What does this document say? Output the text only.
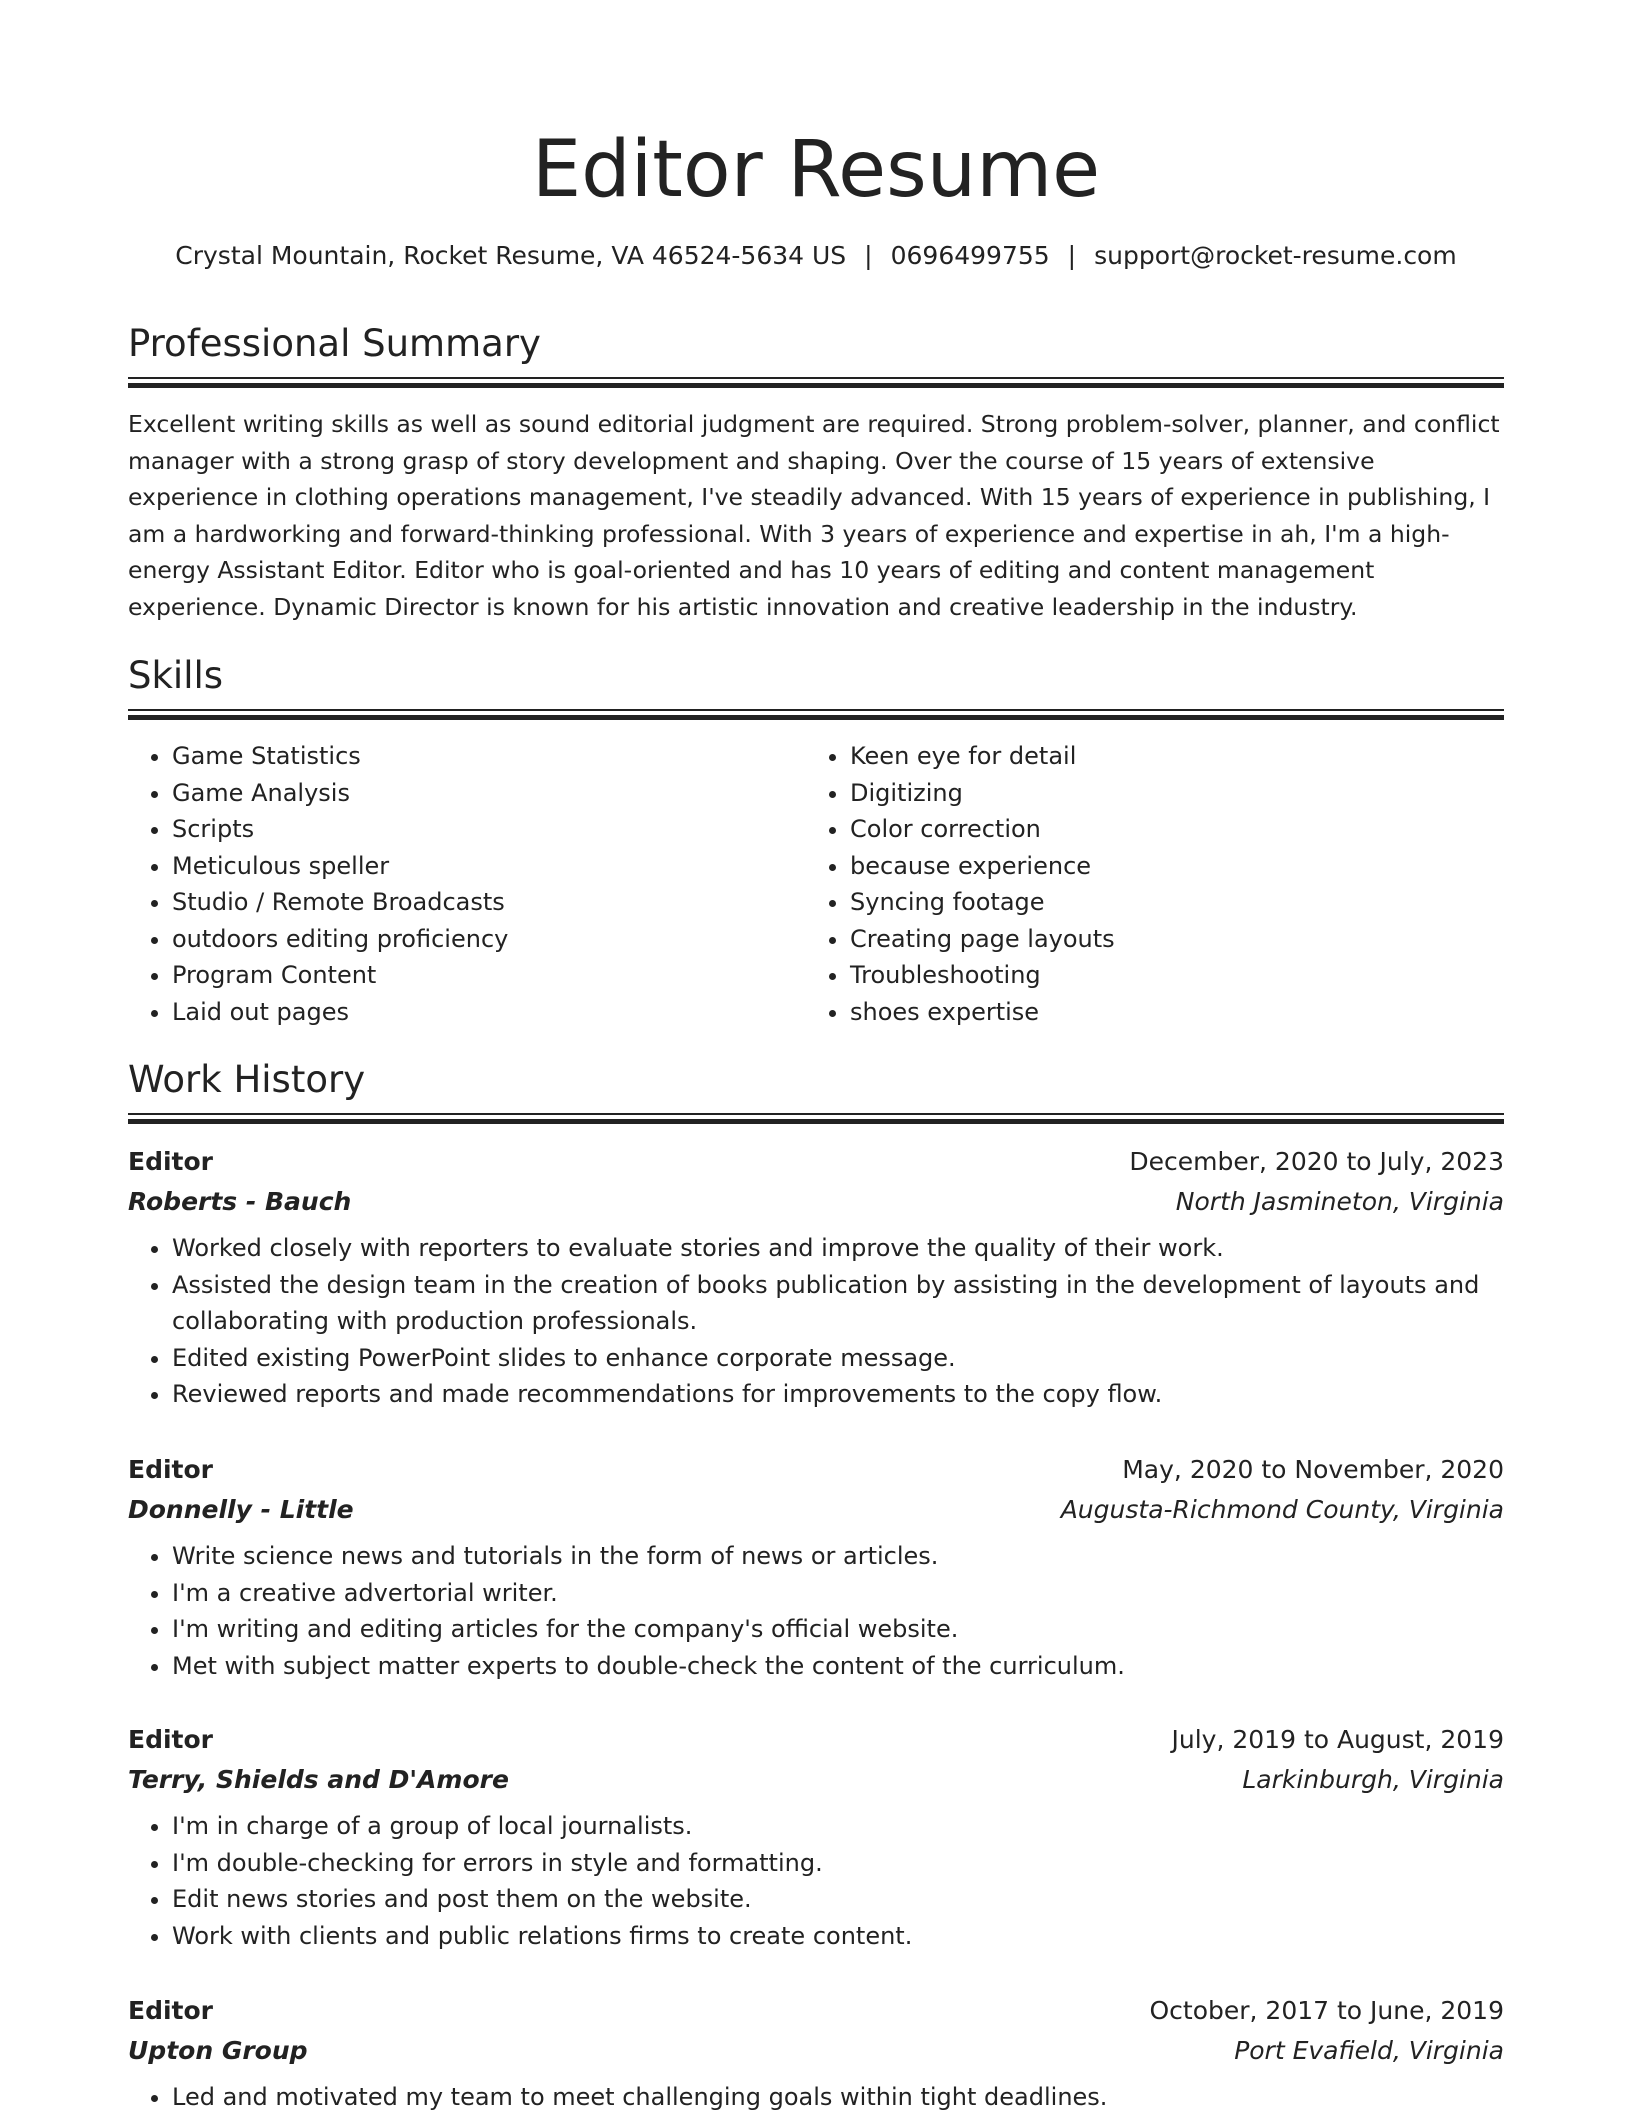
Editor Resume
Crystal Mountain, Rocket Resume, VA 46524-5634 US | 0696499755 | support@rocket-resume.com
Professional Summary

Excellent writing skills as well as sound editorial judgment are required. Strong problem-solver, planner, and conflict manager with a strong grasp of story development and shaping. Over the course of 15 years of extensive experience in clothing operations management, I've steadily advanced. With 15 years of experience in publishing, I am a hardworking and forward-thinking professional. With 3 years of experience and expertise in ah, I'm a high-energy Assistant Editor. Editor who is goal-oriented and has 10 years of editing and content management experience. Dynamic Director is known for his artistic innovation and creative leadership in the industry.

Skills
• Game Statistics
• Game Analysis
• Scripts
• Meticulous speller
• Studio / Remote Broadcasts
• outdoors editing proficiency
• Program Content
• Laid out pages
• Keen eye for detail
• Digitizing
• Color correction
• because experience
• Syncing footage
• Creating page layouts
• Troubleshooting
• shoes expertise
Work History
Editor	December, 2020 to July, 2023
Roberts - Bauch	North Jasmineton, Virginia
• Worked closely with reporters to evaluate stories and improve the quality of their work.
• Assisted the design team in the creation of books publication by assisting in the development of layouts and collaborating with production professionals.
• Edited existing PowerPoint slides to enhance corporate message.
• Reviewed reports and made recommendations for improvements to the copy flow.
Editor	May, 2020 to November, 2020
Donnelly - Little	Augusta-Richmond County, Virginia
• Write science news and tutorials in the form of news or articles.
• I'm a creative advertorial writer.
• I'm writing and editing articles for the company's official website.
• Met with subject matter experts to double-check the content of the curriculum.
Editor	July, 2019 to August, 2019
Terry, Shields and D'Amore	Larkinburgh, Virginia
• I'm in charge of a group of local journalists.
• I'm double-checking for errors in style and formatting.
• Edit news stories and post them on the website.
• Work with clients and public relations firms to create content.
Editor	October, 2017 to June, 2019
Upton Group	Port Evafield, Virginia
• Led and motivated my team to meet challenging goals within tight deadlines.
